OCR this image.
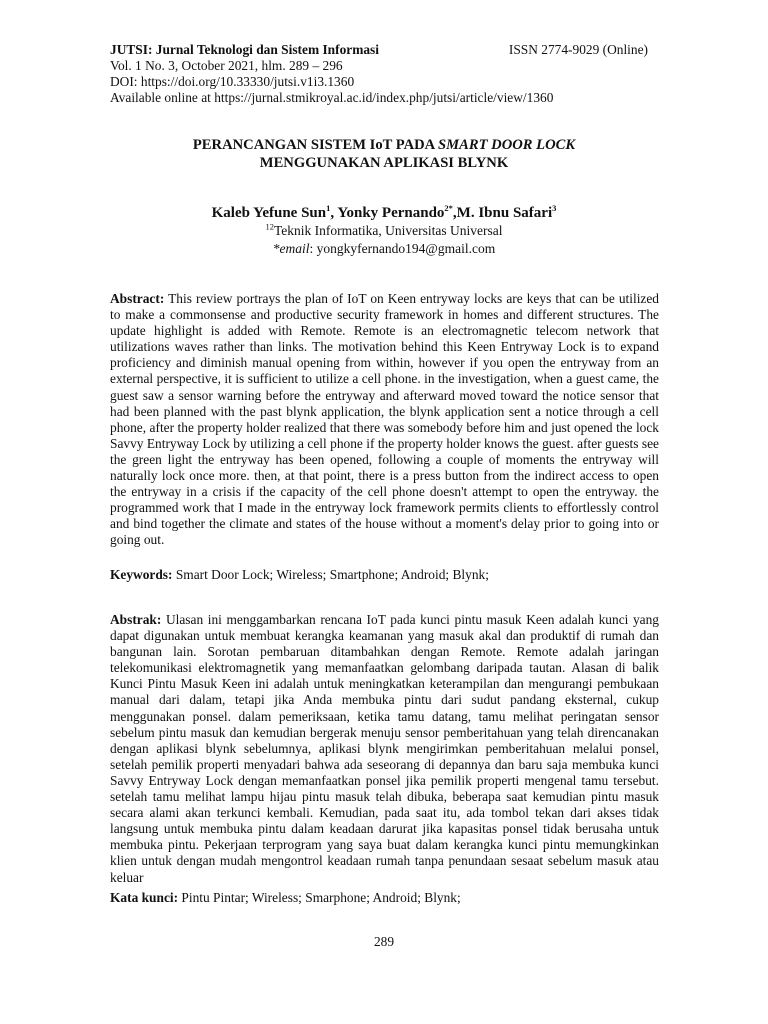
JUTSI: Jurnal Teknologi dan Sistem Informasi	ISSN 2774-9029 (Online)
Vol. 1 No. 3, October 2021, hlm. 289 – 296
DOI: https://doi.org/10.33330/jutsi.v1i3.1360
Available online at https://jurnal.stmikroyal.ac.id/index.php/jutsi/article/view/1360
PERANCANGAN SISTEM IoT PADA SMART DOOR LOCK
MENGGUNAKAN APLIKASI BLYNK
Kaleb Yefune Sun$^1$, Yonky Pernando$^{2*}$,M. Ibnu Safari$^3$
$^{12}$Teknik Informatika, Universitas Universal
*email: yongkyfernando194@gmail.com
Abstract: This review portrays the plan of IoT on Keen entryway locks are keys that can be utilized to make a commonsense and productive security framework in homes and different structures. The update highlight is added with Remote. Remote is an electromagnetic telecom network that utilizations waves rather than links. The motivation behind this Keen Entryway Lock is to expand proficiency and diminish manual opening from within, however if you open the entryway from an external perspective, it is sufficient to utilize a cell phone. in the investigation, when a guest came, the guest saw a sensor warning before the entryway and afterward moved toward the notice sensor that had been planned with the past blynk application, the blynk application sent a notice through a cell phone, after the property holder realized that there was somebody before him and just opened the lock Savvy Entryway Lock by utilizing a cell phone if the property holder knows the guest. after guests see the green light the entryway has been opened, following a couple of moments the entryway will naturally lock once more. then, at that point, there is a press button from the indirect access to open the entryway in a crisis if the capacity of the cell phone doesn't attempt to open the entryway. the programmed work that I made in the entryway lock framework permits clients to effortlessly control and bind together the climate and states of the house without a moment's delay prior to going into or going out.
Keywords: Smart Door Lock; Wireless; Smartphone; Android; Blynk;
Abstrak: Ulasan ini menggambarkan rencana IoT pada kunci pintu masuk Keen adalah kunci yang dapat digunakan untuk membuat kerangka keamanan yang masuk akal dan produktif di rumah dan bangunan lain. Sorotan pembaruan ditambahkan dengan Remote. Remote adalah jaringan telekomunikasi elektromagnetik yang memanfaatkan gelombang daripada tautan. Alasan di balik Kunci Pintu Masuk Keen ini adalah untuk meningkatkan keterampilan dan mengurangi pembukaan manual dari dalam, tetapi jika Anda membuka pintu dari sudut pandang eksternal, cukup menggunakan ponsel. dalam pemeriksaan, ketika tamu datang, tamu melihat peringatan sensor sebelum pintu masuk dan kemudian bergerak menuju sensor pemberitahuan yang telah direncanakan dengan aplikasi blynk sebelumnya, aplikasi blynk mengirimkan pemberitahuan melalui ponsel, setelah pemilik properti menyadari bahwa ada seseorang di depannya dan baru saja membuka kunci Savvy Entryway Lock dengan memanfaatkan ponsel jika pemilik properti mengenal tamu tersebut. setelah tamu melihat lampu hijau pintu masuk telah dibuka, beberapa saat kemudian pintu masuk secara alami akan terkunci kembali. Kemudian, pada saat itu, ada tombol tekan dari akses tidak langsung untuk membuka pintu dalam keadaan darurat jika kapasitas ponsel tidak berusaha untuk membuka pintu. Pekerjaan terprogram yang saya buat dalam kerangka kunci pintu memungkinkan klien untuk dengan mudah mengontrol keadaan rumah tanpa penundaan sesaat sebelum masuk atau keluar
Kata kunci: Pintu Pintar; Wireless; Smarphone; Android; Blynk;
289
